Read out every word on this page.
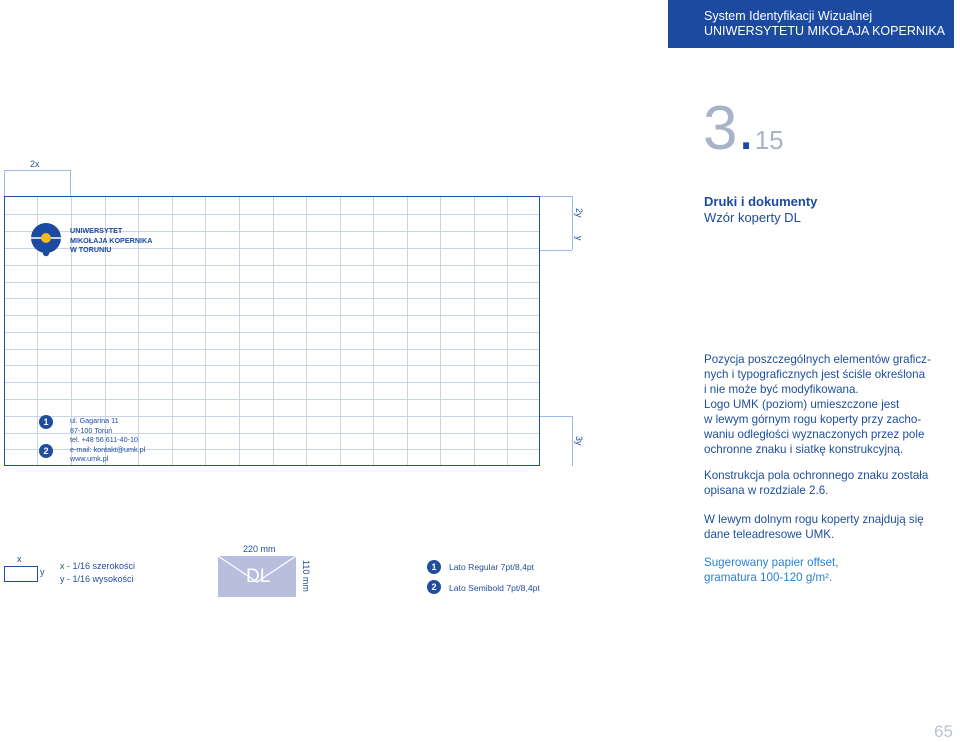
System Identyfikacji Wizualnej
UNIWERSYTETU MIKOŁAJA KOPERNIKA
3.15
Druki i dokumenty
Wzór koperty DL

Pozycja poszczególnych elementów graficz-

nych i typograficznych jest ściśle określona

i nie może być modyfikowana.

Logo UMK (poziom) umieszczone jest

w lewym górnym rogu koperty przy zacho-

waniu odległości wyznaczonych przez pole

ochronne znaku i siatkę konstrukcyjną.

Konstrukcja pola ochronnego znaku została

opisana w rozdziale 2.6.

W lewym dolnym rogu koperty znajdują się

dane teleadresowe UMK.

Sugerowany papier offset,

gramatura 100-120 g/m².

2x
2y
y
3y
UNIWERSYTET
MIKOŁAJA KOPERNIKA
W TORUNIU
1
2
ul. Gagarina 11
87-100 Toruń
tel. +48 56 611-40-10
e-mail: kontakt@umk.pl
www.umk.pl
x
y
x - 1/16 szerokości
y - 1/16 wysokości
220 mm
DL	110 mm	1	Lato Regular 7pt/8,4pt
2	Lato Semibold 7pt/8,4pt
65
